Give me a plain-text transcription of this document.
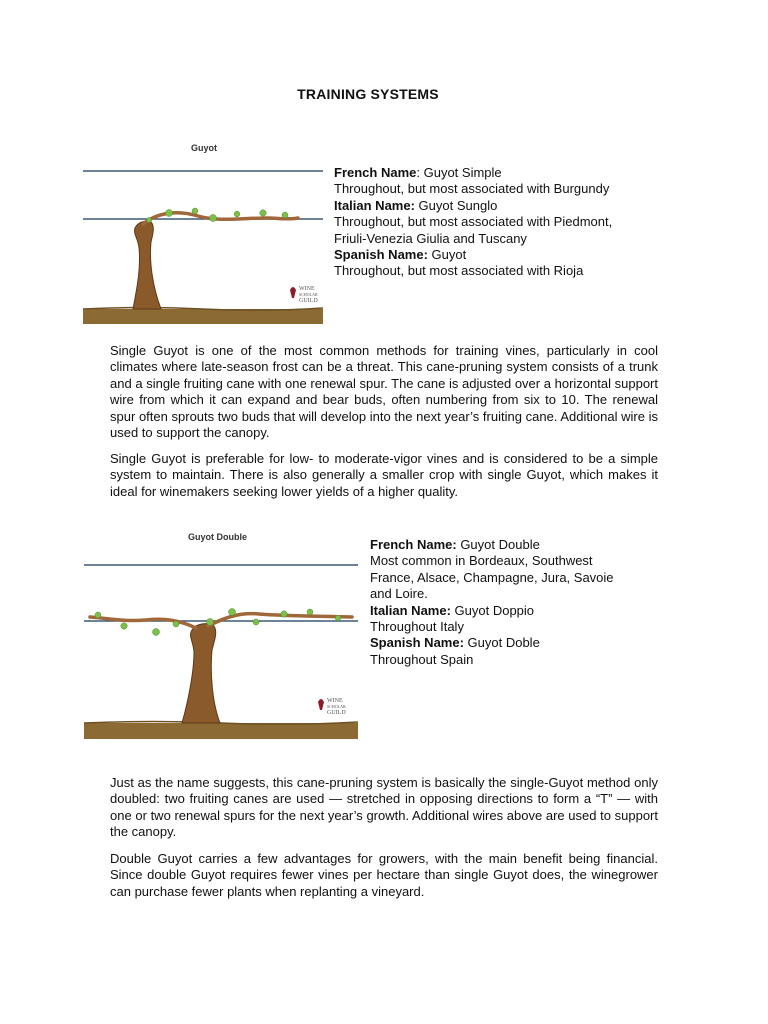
TRAINING SYSTEMS
Guyot
WINE
SCHOLAR
GUILD
French Name: Guyot Simple
Throughout, but most associated with Burgundy
Italian Name: Guyot Sunglo
Throughout, but most associated with Piedmont,
Friuli-Venezia Giulia and Tuscany
Spanish Name: Guyot
Throughout, but most associated with Rioja

Single Guyot is one of the most common methods for training vines, particularly in cool climates where late-season frost can be a threat. This cane-pruning system consists of a trunk and a single fruiting cane with one renewal spur. The cane is adjusted over a horizontal support wire from which it can expand and bear buds, often numbering from six to 10. The renewal spur often sprouts two buds that will develop into the next year’s fruiting cane. Additional wire is used to support the canopy.

Single Guyot is preferable for low- to moderate-vigor vines and is considered to be a simple system to maintain. There is also generally a smaller crop with single Guyot, which makes it ideal for winemakers seeking lower yields of a higher quality.

Guyot Double
WINE
SCHOLAR
GUILD
French Name: Guyot Double
Most common in Bordeaux, Southwest
France, Alsace, Champagne, Jura, Savoie
and Loire.
Italian Name: Guyot Doppio
Throughout Italy
Spanish Name: Guyot Doble
Throughout Spain

Just as the name suggests, this cane-pruning system is basically the single-Guyot method only doubled: two fruiting canes are used — stretched in opposing directions to form a “T” — with one or two renewal spurs for the next year’s growth. Additional wires above are used to support the canopy.

Double Guyot carries a few advantages for growers, with the main benefit being financial. Since double Guyot requires fewer vines per hectare than single Guyot does, the winegrower can purchase fewer plants when replanting a vineyard.
